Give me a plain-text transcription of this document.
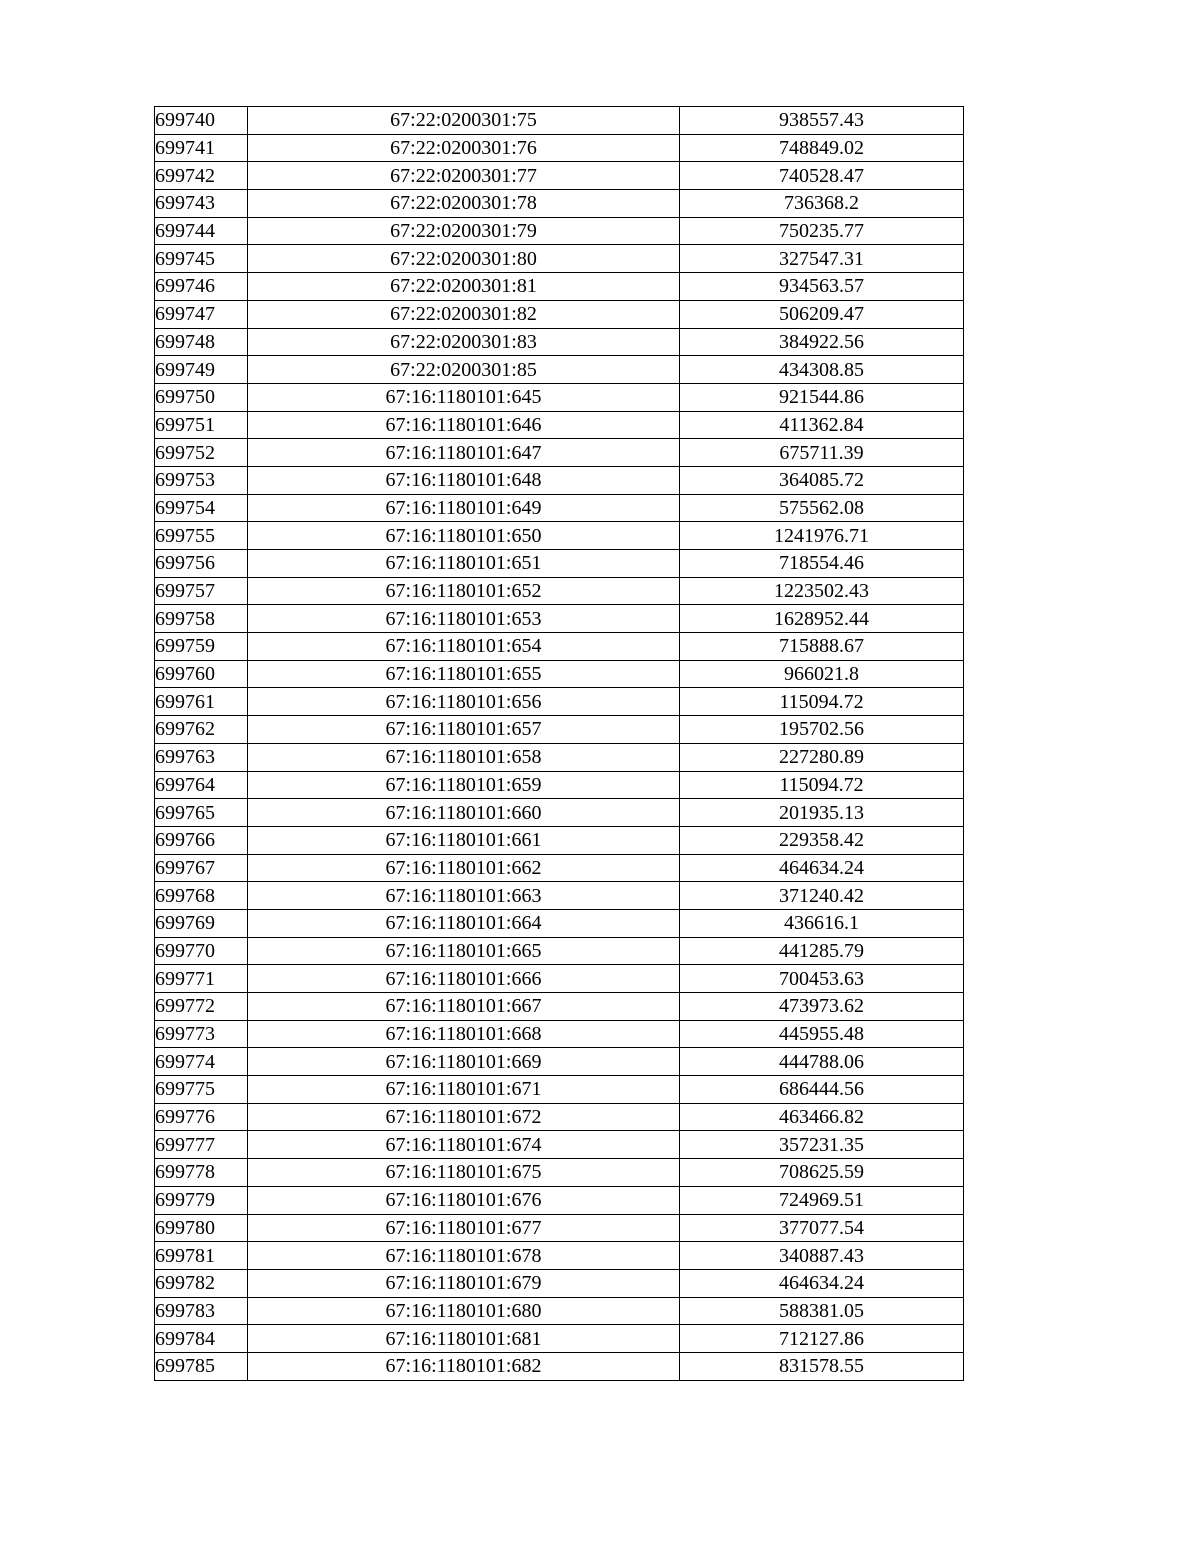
699740	67:22:0200301:75	938557.43
699741	67:22:0200301:76	748849.02
699742	67:22:0200301:77	740528.47
699743	67:22:0200301:78	736368.2
699744	67:22:0200301:79	750235.77
699745	67:22:0200301:80	327547.31
699746	67:22:0200301:81	934563.57
699747	67:22:0200301:82	506209.47
699748	67:22:0200301:83	384922.56
699749	67:22:0200301:85	434308.85
699750	67:16:1180101:645	921544.86
699751	67:16:1180101:646	411362.84
699752	67:16:1180101:647	675711.39
699753	67:16:1180101:648	364085.72
699754	67:16:1180101:649	575562.08
699755	67:16:1180101:650	1241976.71
699756	67:16:1180101:651	718554.46
699757	67:16:1180101:652	1223502.43
699758	67:16:1180101:653	1628952.44
699759	67:16:1180101:654	715888.67
699760	67:16:1180101:655	966021.8
699761	67:16:1180101:656	115094.72
699762	67:16:1180101:657	195702.56
699763	67:16:1180101:658	227280.89
699764	67:16:1180101:659	115094.72
699765	67:16:1180101:660	201935.13
699766	67:16:1180101:661	229358.42
699767	67:16:1180101:662	464634.24
699768	67:16:1180101:663	371240.42
699769	67:16:1180101:664	436616.1
699770	67:16:1180101:665	441285.79
699771	67:16:1180101:666	700453.63
699772	67:16:1180101:667	473973.62
699773	67:16:1180101:668	445955.48
699774	67:16:1180101:669	444788.06
699775	67:16:1180101:671	686444.56
699776	67:16:1180101:672	463466.82
699777	67:16:1180101:674	357231.35
699778	67:16:1180101:675	708625.59
699779	67:16:1180101:676	724969.51
699780	67:16:1180101:677	377077.54
699781	67:16:1180101:678	340887.43
699782	67:16:1180101:679	464634.24
699783	67:16:1180101:680	588381.05
699784	67:16:1180101:681	712127.86
699785	67:16:1180101:682	831578.55
